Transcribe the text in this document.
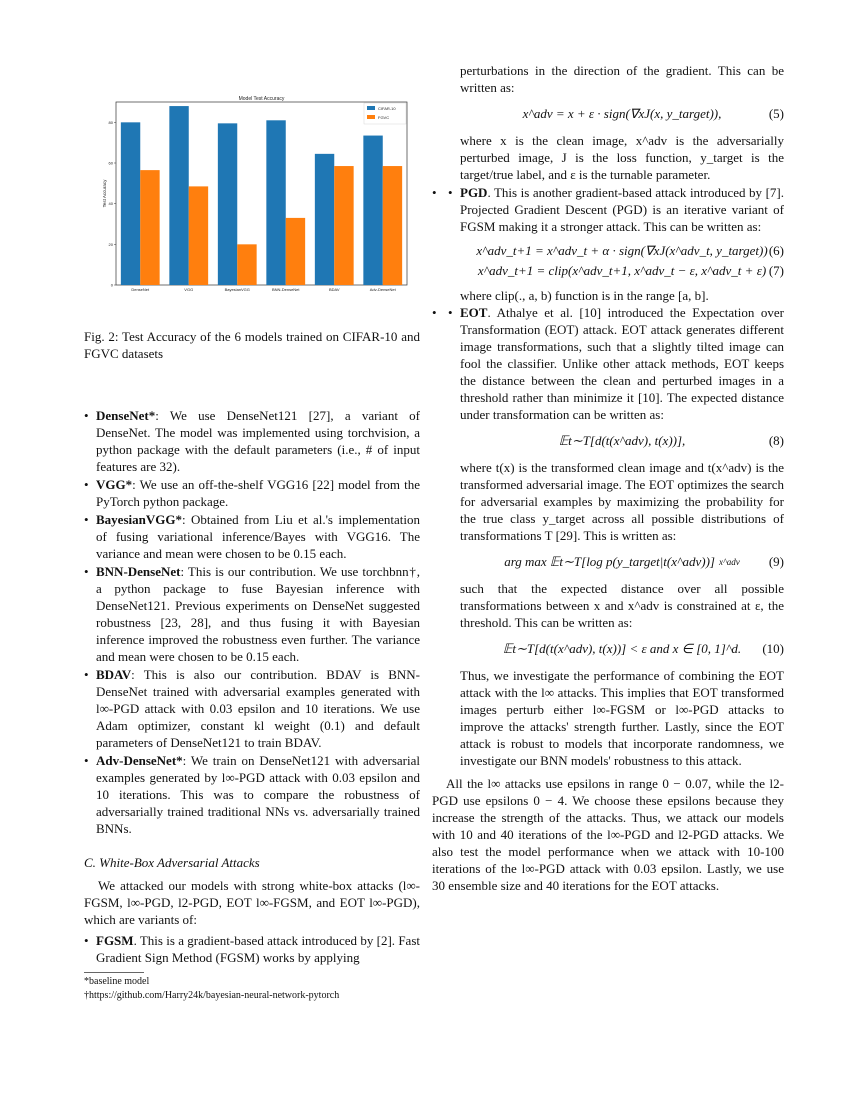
Model Test Accuracy
Test Accuracy
0
20
40
60
80
DenseNet	VGG	BayesianVGG	BNN-DenseNet	BDAV	Adv-DenseNet
CIFAR-10
FGVC

Fig. 2: Test Accuracy of the 6 models trained on CIFAR-10 and FGVC datasets

• DenseNet*: We use DenseNet121 [27], a variant of DenseNet. The model was implemented using torchvision, a python package with the default parameters (i.e., # of input features are 32).
• VGG*: We use an off-the-shelf VGG16 [22] model from the PyTorch python package.
• BayesianVGG*: Obtained from Liu et al.'s implementation of fusing variational inference/Bayes with VGG16. The variance and mean were chosen to be 0.15 each.
• BNN-DenseNet: This is our contribution. We use torchbnn†, a python package to fuse Bayesian inference with DenseNet121. Previous experiments on DenseNet suggested robustness [23, 28], and thus fusing it with Bayesian inference improved the robustness even further. The variance and mean were chosen to be 0.15 each.
• BDAV: This is also our contribution. BDAV is BNN-DenseNet trained with adversarial examples generated with l∞-PGD attack with 0.03 epsilon and 10 iterations. We use Adam optimizer, constant kl weight (0.1) and default parameters of DenseNet121 to train BDAV.
• Adv-DenseNet*: We train on DenseNet121 with adversarial examples generated by l∞-PGD attack with 0.03 epsilon and 10 iterations. This was to compare the robustness of adversarially trained traditional NNs vs. adversarially trained BNNs.
C. White-Box Adversarial Attacks

We attacked our models with strong white-box attacks (l∞-FGSM, l∞-PGD, l2-PGD, EOT l∞-FGSM, and EOT l∞-PGD), which are variants of:

• FGSM. This is a gradient-based attack introduced by [2]. Fast Gradient Sign Method (FGSM) works by applying
*baseline model
†https://github.com/Harry24k/bayesian-neural-network-pytorch

perturbations in the direction of the gradient. This can be written as:

x^adv = x + ε · sign(∇xJ(x, y_target)),	(5)

where x is the clean image, x^adv is the adversarially perturbed image, J is the loss function, y_target is the target/true label, and ε is the turnable parameter.

• • PGD. This is another gradient-based attack introduced by [7]. Projected Gradient Descent (PGD) is an iterative variant of FGSM making it a stronger attack. This can be written as:
x^adv_t+1 = x^adv_t + α · sign(∇xJ(x^adv_t, y_target)) (6)
x^adv_t+1 = clip(x^adv_t+1, x^adv_t − ε, x^adv_t + ε) (7)

where clip(., a, b) function is in the range [a, b].

• • EOT. Athalye et al. [10] introduced the Expectation over Transformation (EOT) attack. EOT attack generates different image transformations, such that a slightly tilted image can fool the classifier. Unlike other attack methods, EOT keeps the distance between the clean and perturbed images in a threshold rather than minimize it [10]. The expected distance under transformation can be written as:
𝔼t∼T[d(t(x^adv), t(x))],	(8)

where t(x) is the transformed clean image and t(x^adv) is the transformed adversarial image. The EOT optimizes the search for adversarial examples by maximizing the probability for the true class y_target across all possible distributions of transformations T [29]. This is written as:

arg max 𝔼t∼T[log p(y_target|t(x^adv))] x^adv (9)

such that the expected distance over all possible transformations between x and x^adv is constrained at ε, the threshold. This can be written as:

𝔼t∼T[d(t(x^adv), t(x))] < ε and x ∈ [0, 1]^d. (10)

Thus, we investigate the performance of combining the EOT attack with the l∞ attacks. This implies that EOT transformed images perturb either l∞-FGSM or l∞-PGD attacks to improve the attacks' strength further. Lastly, since the EOT attack is robust to models that incorporate randomness, we investigate our BNN models' robustness to this attack.

All the l∞ attacks use epsilons in range 0 − 0.07, while the l2-PGD use epsilons 0 − 4. We choose these epsilons because they increase the strength of the attacks. Thus, we attack our models with 10 and 40 iterations of the l∞-PGD and l2-PGD attacks. We also test the model performance when we attack with 10-100 iterations of the l∞-PGD attack with 0.03 epsilon. Lastly, we use 30 ensemble size and 40 iterations for the EOT attacks.
